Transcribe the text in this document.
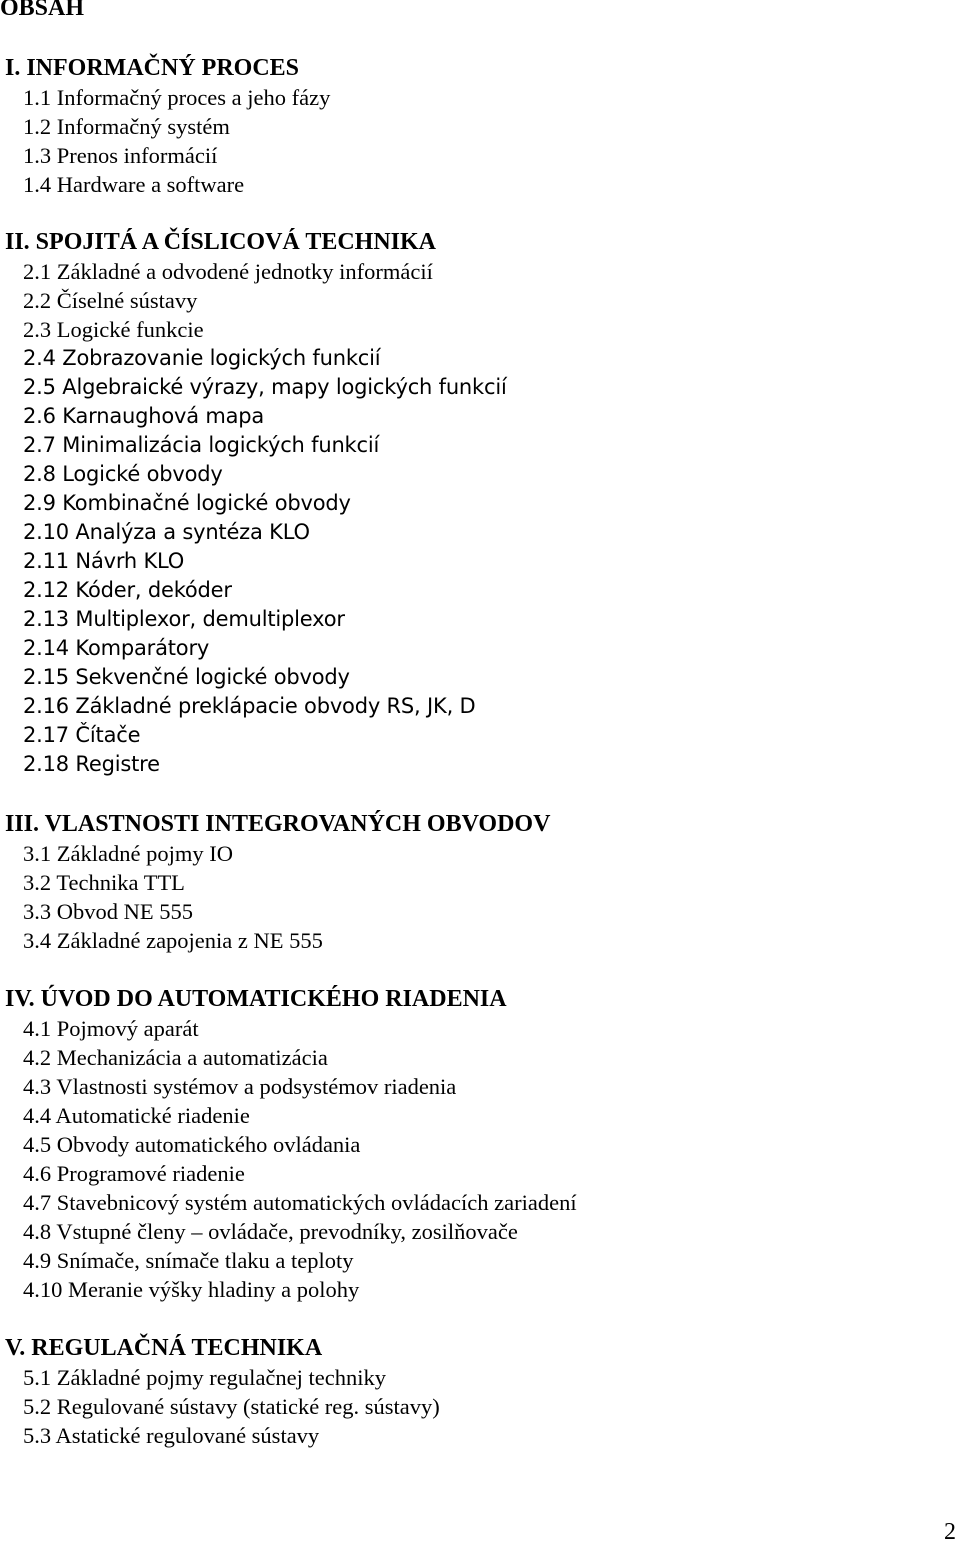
OBSAH
I. INFORMAČNÝ PROCES
1.1 Informačný proces a jeho fázy
1.2 Informačný systém
1.3 Prenos informácií
1.4 Hardware a software
II. SPOJITÁ A ČÍSLICOVÁ TECHNIKA
2.1 Základné a odvodené jednotky informácií
2.2 Číselné sústavy
2.3 Logické funkcie
2.4 Zobrazovanie logických funkcií
2.5 Algebraické výrazy, mapy logických funkcií
2.6 Karnaughová mapa
2.7 Minimalizácia logických funkcií
2.8 Logické obvody
2.9 Kombinačné logické obvody
2.10 Analýza a syntéza KLO
2.11 Návrh KLO
2.12 Kóder, dekóder
2.13 Multiplexor, demultiplexor
2.14 Komparátory
2.15 Sekvenčné logické obvody
2.16 Základné preklápacie obvody RS, JK, D
2.17 Čítače
2.18 Registre
III. VLASTNOSTI INTEGROVANÝCH OBVODOV
3.1 Základné pojmy IO
3.2 Technika TTL
3.3 Obvod NE 555
3.4 Základné zapojenia z NE 555
IV. ÚVOD DO AUTOMATICKÉHO RIADENIA
4.1 Pojmový aparát
4.2 Mechanizácia a automatizácia
4.3 Vlastnosti systémov a podsystémov riadenia
4.4 Automatické riadenie
4.5 Obvody automatického ovládania
4.6 Programové riadenie
4.7 Stavebnicový systém automatických ovládacích zariadení
4.8 Vstupné členy – ovládače, prevodníky, zosilňovače
4.9 Snímače, snímače tlaku a teploty
4.10 Meranie výšky hladiny a polohy
V. REGULAČNÁ TECHNIKA
5.1 Základné pojmy regulačnej techniky
5.2 Regulované sústavy (statické reg. sústavy)
5.3 Astatické regulované sústavy
2
